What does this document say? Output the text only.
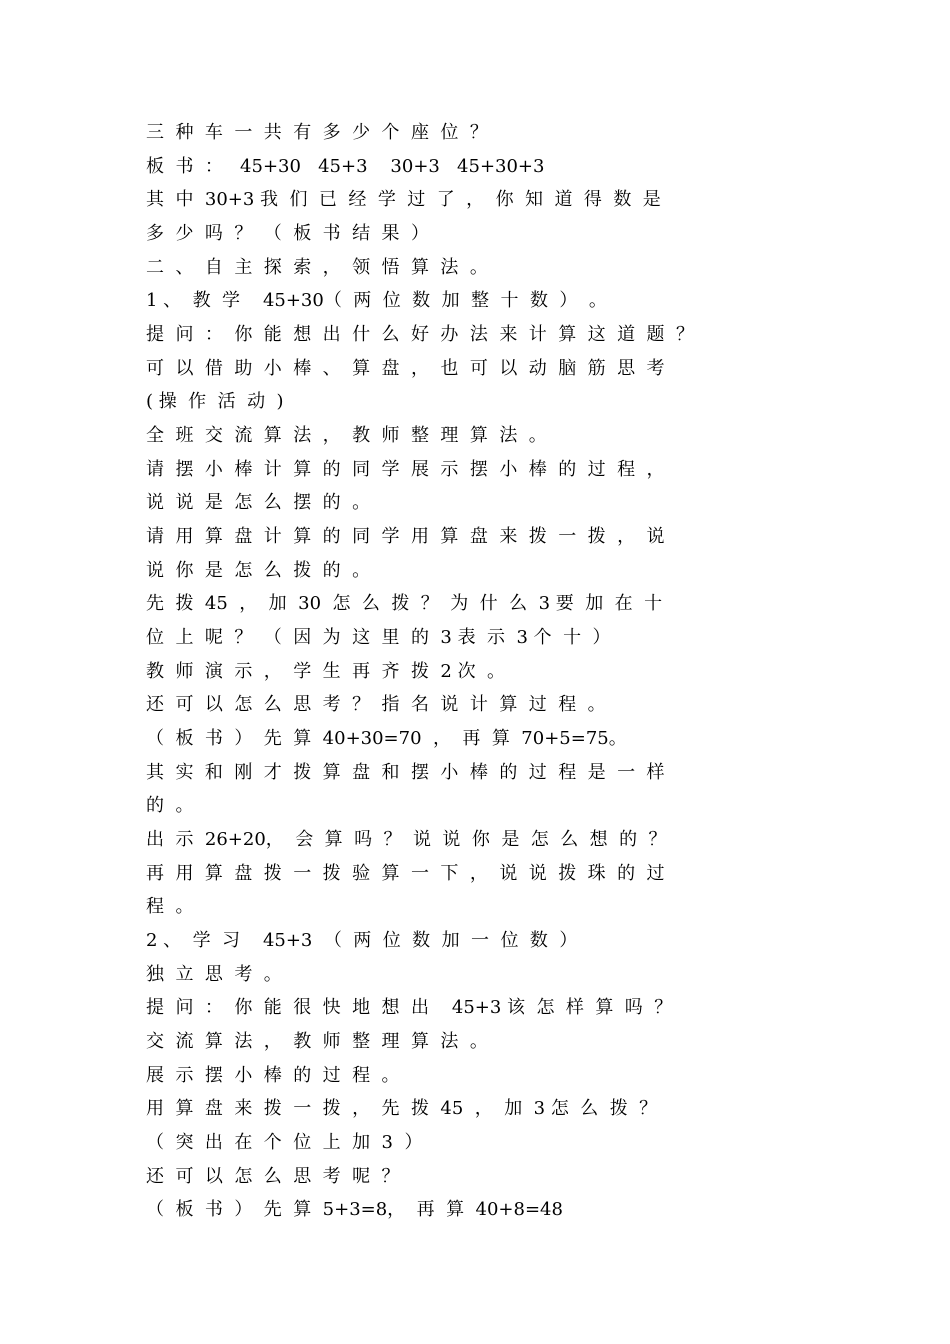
三  种  车  一  共  有  多  少  个  座  位  ？
板  书  ：   45+30   45+3    30+3   45+30+3
其  中  30+3 我  们  已  经  学  过  了  ，  你  知  道  得  数  是
多  少  吗  ？  （  板  书  结  果  ）
二  、  自  主  探  索  ，  领  悟  算  法  。
1 、  教  学    45+30（  两  位  数  加  整  十  数  ）  。
提  问  ：  你  能  想  出  什  么  好  办  法  来  计  算  这  道  题  ？
可  以  借  助  小  棒  、  算  盘  ，  也  可  以  动  脑  筋  思  考
( 操  作  活  动  )
全  班  交  流  算  法  ，  教  师  整  理  算  法  。
请  摆  小  棒  计  算  的  同  学  展  示  摆  小  棒  的  过  程  ，
说  说  是  怎  么  摆  的  。
请  用  算  盘  计  算  的  同  学  用  算  盘  来  拨  一  拨  ，  说
说  你  是  怎  么  拨  的  。
先  拨  45  ，  加  30  怎  么  拨  ？  为  什  么  3 要  加  在  十
位  上  呢  ？  （  因  为  这  里  的  3 表  示  3 个  十  ）
教  师  演  示  ，  学  生  再  齐  拨  2 次  。
还  可  以  怎  么  思  考  ？  指  名  说  计  算  过  程  。
（  板  书  ）  先  算  40+30=70  ，  再  算  70+5=75。
其  实  和  刚  才  拨  算  盘  和  摆  小  棒  的  过  程  是  一  样
的  。
出  示  26+20，  会  算  吗  ？  说  说  你  是  怎  么  想  的  ？
再  用  算  盘  拨  一  拨  验  算  一  下  ，  说  说  拨  珠  的  过
程  。
2 、  学  习    45+3  （  两  位  数  加  一  位  数  ）
独  立  思  考  。
提  问  ：  你  能  很  快  地  想  出    45+3 该  怎  样  算  吗  ？
交  流  算  法  ，  教  师  整  理  算  法  。
展  示  摆  小  棒  的  过  程  。
用  算  盘  来  拨  一  拨  ，  先  拨  45  ，  加  3 怎  么  拨  ？
（  突  出  在  个  位  上  加  3  ）
还  可  以  怎  么  思  考  呢  ？
（  板  书  ）  先  算  5+3=8，  再  算  40+8=48
